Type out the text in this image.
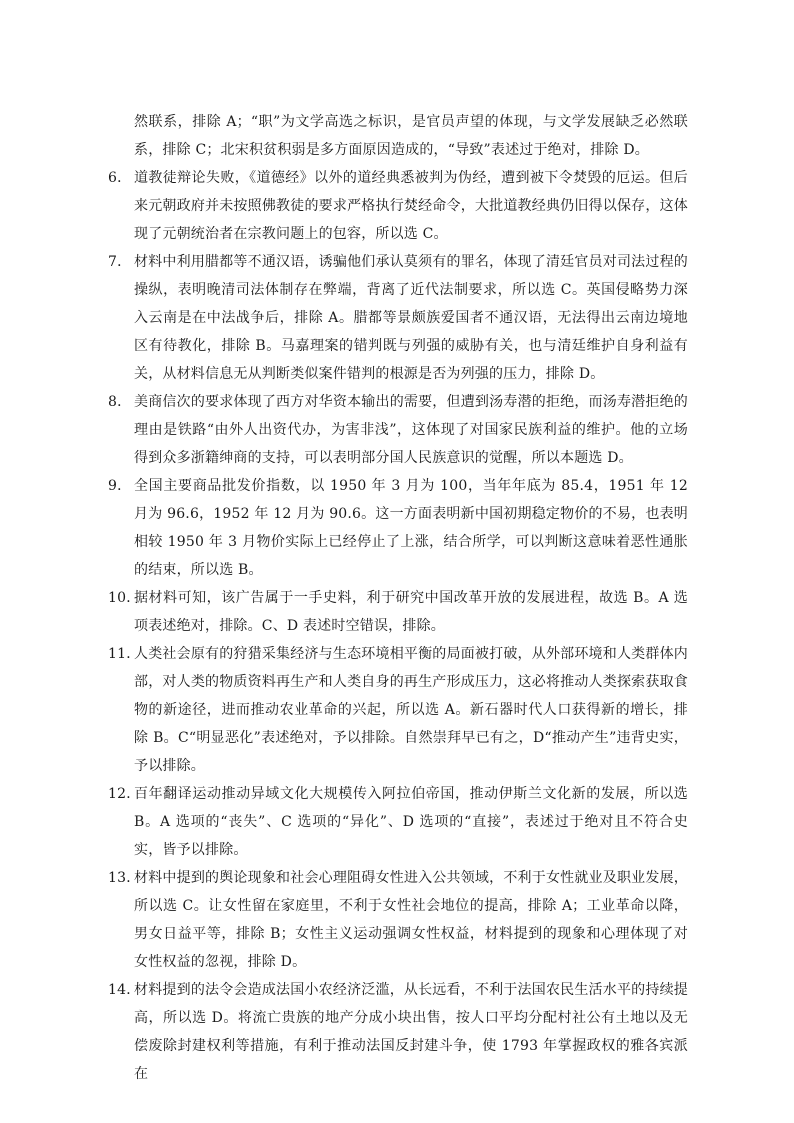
然联系，排除 A；“职”为文学高选之标识，是官员声望的体现，与文学发展缺乏必然联系，排除 C；北宋积贫积弱是多方面原因造成的，“导致”表述过于绝对，排除 D。

6． 道教徒辩论失败，《道德经》以外的道经典悉被判为伪经，遭到被下令焚毁的厄运。但后来元朝政府并未按照佛教徒的要求严格执行焚经命令，大批道教经典仍旧得以保存，这体现了元朝统治者在宗教问题上的包容，所以选 C。
7． 材料中利用腊都等不通汉语，诱骗他们承认莫须有的罪名，体现了清廷官员对司法过程的操纵，表明晚清司法体制存在弊端，背离了近代法制要求，所以选 C。英国侵略势力深入云南是在中法战争后，排除 A。腊都等景颇族爱国者不通汉语，无法得出云南边境地区有待教化，排除 B。马嘉理案的错判既与列强的威胁有关，也与清廷维护自身利益有关，从材料信息无从判断类似案件错判的根源是否为列强的压力，排除 D。
8． 美商信次的要求体现了西方对华资本输出的需要，但遭到汤寿潜的拒绝，而汤寿潜拒绝的理由是铁路“由外人出资代办，为害非浅”，这体现了对国家民族利益的维护。他的立场得到众多浙籍绅商的支持，可以表明部分国人民族意识的觉醒，所以本题选 D。
9． 全国主要商品批发价指数，以 1950 年 3 月为 100，当年年底为 85.4，1951 年 12 月为 96.6，1952 年 12 月为 90.6。这一方面表明新中国初期稳定物价的不易，也表明相较 1950 年 3 月物价实际上已经停止了上涨，结合所学，可以判断这意味着恶性通胀的结束，所以选 B。
10．
据材料可知，该广告属于一手史料，利于研究中国改革开放的发展进程，故选 B。A 选项表述绝对，排除。C、D 表述时空错误，排除。
11．
人类社会原有的狩猎采集经济与生态环境相平衡的局面被打破，从外部环境和人类群体内部，对人类的物质资料再生产和人类自身的再生产形成压力，这必将推动人类探索获取食物的新途径，进而推动农业革命的兴起，所以选 A。新石器时代人口获得新的增长，排除 B。C“明显恶化”表述绝对，予以排除。自然崇拜早已有之，D“推动产生”违背史实，予以排除。
12．
百年翻译运动推动异域文化大规模传入阿拉伯帝国，推动伊斯兰文化新的发展，所以选 B。A 选项的“丧失”、C 选项的“异化”、D 选项的“直接”，表述过于绝对且不符合史实，皆予以排除。
13．
材料中提到的舆论现象和社会心理阻碍女性进入公共领域，不利于女性就业及职业发展，所以选 C。让女性留在家庭里，不利于女性社会地位的提高，排除 A；工业革命以降，男女日益平等，排除 B；女性主义运动强调女性权益，材料提到的现象和心理体现了对女性权益的忽视，排除 D。
14．
材料提到的法令会造成法国小农经济泛滥，从长远看，不利于法国农民生活水平的持续提高，所以选 D。将流亡贵族的地产分成小块出售，按人口平均分配村社公有土地以及无偿废除封建权利等措施，有利于推动法国反封建斗争，使 1793 年掌握政权的雅各宾派在
